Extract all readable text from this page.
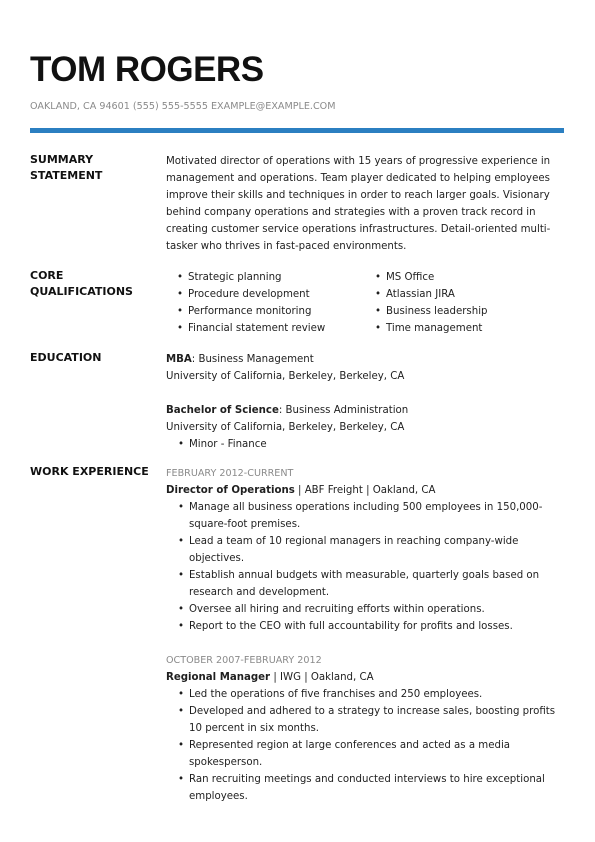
TOM ROGERS
OAKLAND, CA 94601 (555) 555-5555 EXAMPLE@EXAMPLE.COM
SUMMARY STATEMENT

Motivated director of operations with 15 years of progressive experience in management and operations. Team player dedicated to helping employees improve their skills and techniques in order to reach larger goals. Visionary behind company operations and strategies with a proven track record in creating customer service operations infrastructures. Detail-oriented multi-tasker who thrives in fast-paced environments.

CORE QUALIFICATIONS
• Strategic planning
• Procedure development
• Performance monitoring
• Financial statement review
• MS Office
• Atlassian JIRA
• Business leadership
• Time management
EDUCATION	MBA: Business Management
University of California, Berkeley, Berkeley, CA
Bachelor of Science: Business Administration
University of California, Berkeley, Berkeley, CA
• Minor - Finance
WORK EXPERIENCE	FEBRUARY 2012-CURRENT
Director of Operations | ABF Freight | Oakland, CA
• Manage all business operations including 500 employees in 150,000-square-foot premises.
• Lead a team of 10 regional managers in reaching company-wide objectives.
• Establish annual budgets with measurable, quarterly goals based on research and development.
• Oversee all hiring and recruiting efforts within operations.
• Report to the CEO with full accountability for profits and losses.
OCTOBER 2007-FEBRUARY 2012
Regional Manager | IWG | Oakland, CA
• Led the operations of five franchises and 250 employees.
• Developed and adhered to a strategy to increase sales, boosting profits 10 percent in six months.
• Represented region at large conferences and acted as a media spokesperson.
• Ran recruiting meetings and conducted interviews to hire exceptional employees.
